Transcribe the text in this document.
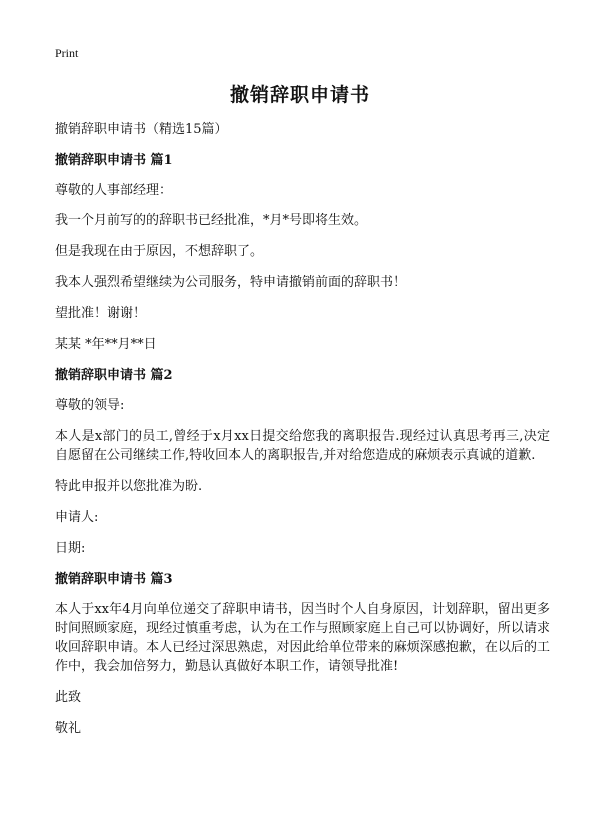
Print
撤销辞职申请书

撤销辞职申请书（精选15篇）

撤销辞职申请书 篇1

尊敬的人事部经理：

我一个月前写的的辞职书已经批准，*月*号即将生效。

但是我现在由于原因，不想辞职了。

我本人强烈希望继续为公司服务，特申请撤销前面的辞职书！

望批准！谢谢！

某某 *年**月**日

撤销辞职申请书 篇2

尊敬的领导:

本人是x部门的员工,曾经于x月xx日提交给您我的离职报告.现经过认真思考再三,决定自愿留在公司继续工作,特收回本人的离职报告,并对给您造成的麻烦表示真诚的道歉.

特此申报并以您批准为盼.

申请人:

日期:

撤销辞职申请书 篇3

本人于xx年4月向单位递交了辞职申请书，因当时个人自身原因，计划辞职，留出更多时间照顾家庭，现经过慎重考虑，认为在工作与照顾家庭上自己可以协调好，所以请求收回辞职申请。本人已经过深思熟虑，对因此给单位带来的麻烦深感抱歉，在以后的工作中，我会加倍努力，勤恳认真做好本职工作，请领导批准!

此致

敬礼
